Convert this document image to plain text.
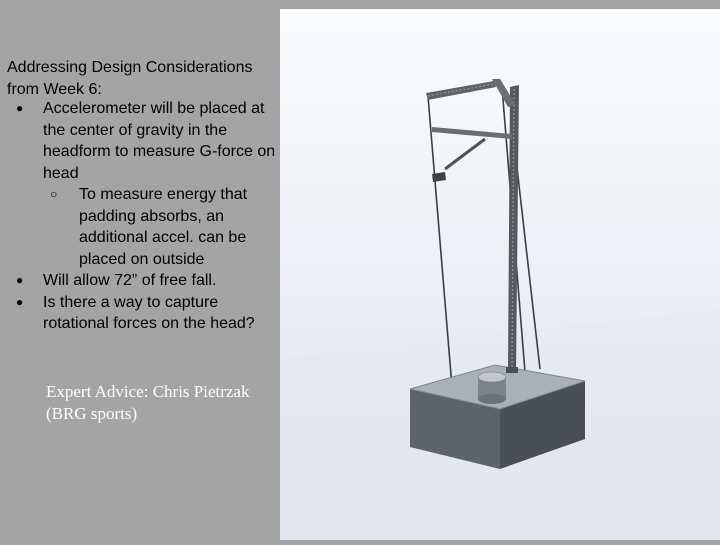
Addressing Design Considerations from Week 6:
● Accelerometer will be placed at the center of gravity in the headform to measure G-force on head
○ To measure energy that padding absorbs, an additional accel. can be placed on outside
● Will allow 72” of free fall.
● Is there a way to capture rotational forces on the head?
Expert Advice: Chris Pietrzak (BRG sports)
